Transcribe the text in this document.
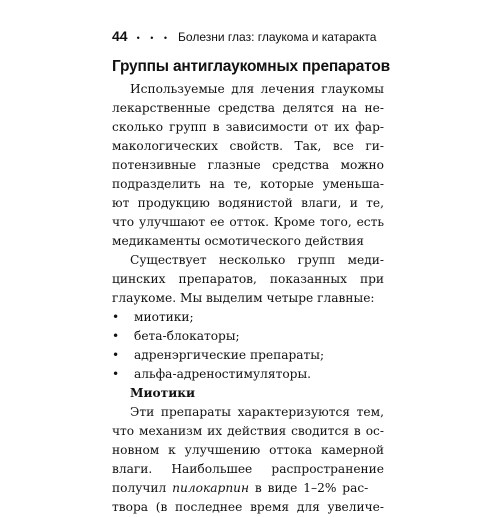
44 • • • Болезни глаз: глаукома и катаракта
Группы антиглаукомных препаратов
Используемые для лечения глаукомы
лекарственные средства делятся на не-
сколько групп в зависимости от их фар-
макологических свойств. Так, все ги-
потензивные глазные средства можно
подразделить на те, которые уменьша-
ют продукцию водянистой влаги, и те,
что улучшают ее отток. Кроме того, есть
медикаменты осмотического действия
Существует несколько групп меди-
цинских препаратов, показанных при
глаукоме. Мы выделим четыре главные:
•	миотики;
•	бета-блокаторы;
•	адренэргические препараты;
•	альфа-адреностимуляторы.
Миотики
Эти препараты характеризуются тем,
что механизм их действия сводится в ос-
новном к улучшению оттока камерной
влаги. Наибольшее распространение
получил пилокарпин в виде 1–2% рас-
твора (в последнее время для увеличе-
